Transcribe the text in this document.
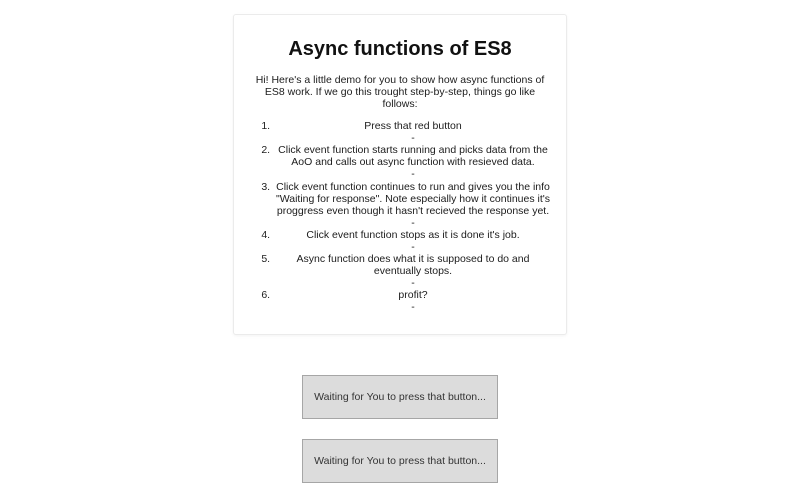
Async functions of ES8

Hi! Here's a little demo for you to show how async functions of ES8 work. If we go this trought step-by-step, things go like follows:

1. Press that red button
-
2. Click event function starts running and picks data from the AoO and calls out async function with resieved data.
-
3. Click event function continues to run and gives you the info "Waiting for response". Note especially how it continues it's proggress even though it hasn't recieved the response yet.
-
4. Click event function stops as it is done it's job.
-
5. Async function does what it is supposed to do and eventually stops.
-
6. profit?
-
Waiting for You to press that button...
Waiting for You to press that button...
